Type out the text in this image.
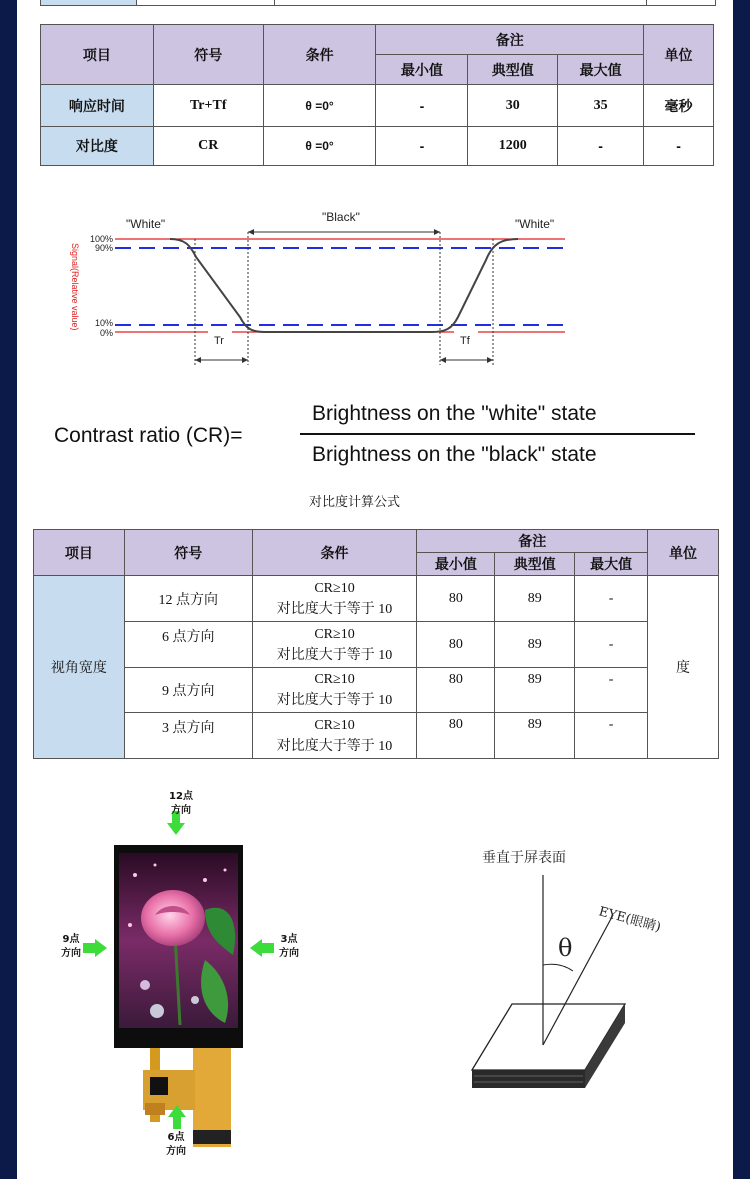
项目	符号	条件	备注			单位
			最小值	典型值	最大值	
响应时间	Tr+Tf	θ =0°	-	30	35	毫秒
对比度	CR	θ =0°	-	1200	-	-
"White"	"Black"	"White"
100%
90%
10%
0%
Signal(Relative value)
Tr	Tf
Contrast ratio (CR)=
Brightness on the "white" state
Brightness on the "black" state
对比度计算公式
项目	符号	条件	备注			单位
			最小值	典型值	最大值	
视角宽度	12 点方向	CR≥10
对比度大于等于 10	80	89	-	度
	6 点方向	CR≥10
对比度大于等于 10	80	89	-	
	9 点方向	CR≥10
对比度大于等于 10	80	89	-	
	3 点方向	CR≥10
对比度大于等于 10	80	89	-	
12点
方向
9点
方向
3点
方向
6点
方向
垂直于屏表面
θ
EYE(眼睛)
